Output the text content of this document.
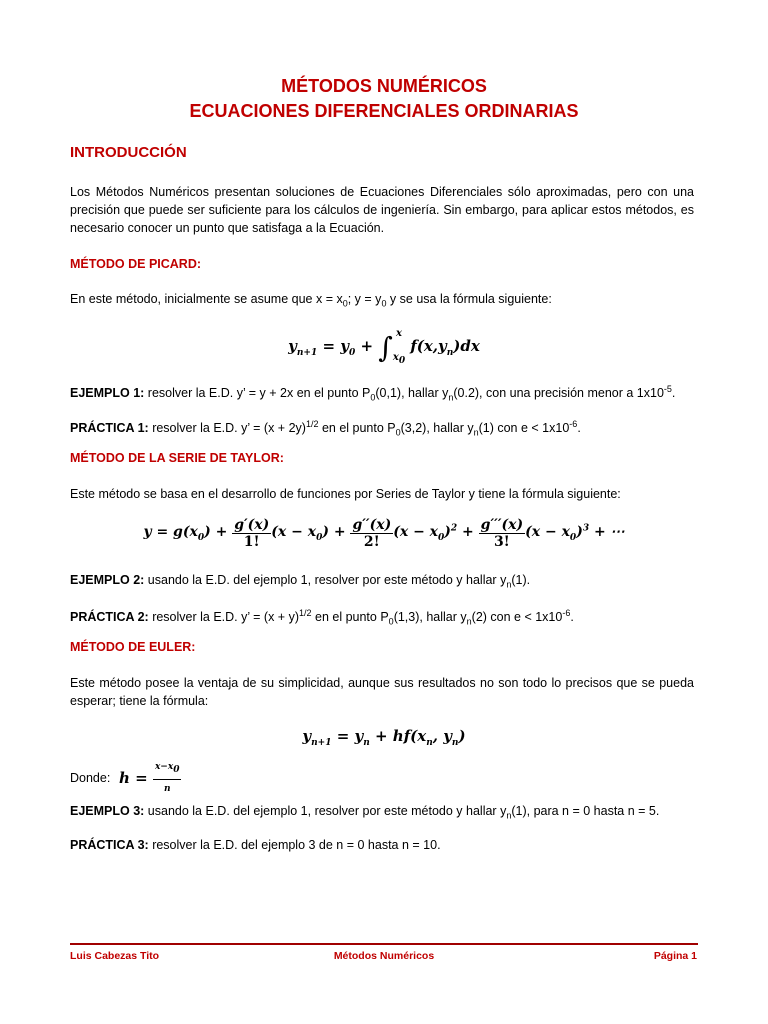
MÉTODOS NUMÉRICOS
ECUACIONES DIFERENCIALES ORDINARIAS
INTRODUCCIÓN
Los Métodos Numéricos presentan soluciones de Ecuaciones Diferenciales sólo aproximadas, pero con una precisión que puede ser suficiente para los cálculos de ingeniería. Sin embargo, para aplicar estos métodos, es necesario conocer un punto que satisfaga a la Ecuación.
MÉTODO DE PICARD:
En este método, inicialmente se asume que $x = x_0$; $y = y_0$ y se usa la fórmula siguiente:
$y_{n+1} = y_0$ + ∫ x
$x_0$ $f(x,y_n)dx$
EJEMPLO 1: resolver la E.D. y’ = y + 2x en el punto $P_0(0,1)$, hallar $y_n(0.2)$, con una precisión menor a $1x10^{-5}$.
PRÁCTICA 1: resolver la E.D. y’ = $(x + 2y)^{1/2}$ en el punto $P_0(3,2)$, hallar $y_n(1)$ con $e < 1x10^{-6}$.
MÉTODO DE LA SERIE DE TAYLOR:
Este método se basa en el desarrollo de funciones por Series de Taylor y tiene la fórmula siguiente:
$y = g(x_0) + \frac{g'(x)}{1!} (x - x_0) + \frac{g''(x)}{2!} (x - x_0)^2 + \frac{g'''(x)}{3!} (x - x_0)^3$ + ⋯
EJEMPLO 2: usando la E.D. del ejemplo 1, resolver por este método y hallar $y_n(1)$.
PRÁCTICA 2: resolver la E.D. y’ = $(x + y)^{1/2}$ en el punto $P_0(1,3)$, hallar $y_n(2)$ con $e < 1x10^{-6}$.
MÉTODO DE EULER:
Este método posee la ventaja de su simplicidad, aunque sus resultados no son todo lo precisos que se pueda esperar; tiene la fórmula:
$y_{n+1} = y_n + hf(x_n$, $y_n$)
Donde:  $h = \frac{x-x_0}{n}$
EJEMPLO 3: usando la E.D. del ejemplo 1, resolver por este método y hallar $y_n(1)$, para n = 0 hasta n = 5.
PRÁCTICA 3: resolver la E.D. del ejemplo 3 de n = 0 hasta n = 10.
Luis Cabezas Tito	Métodos Numéricos	Página 1
